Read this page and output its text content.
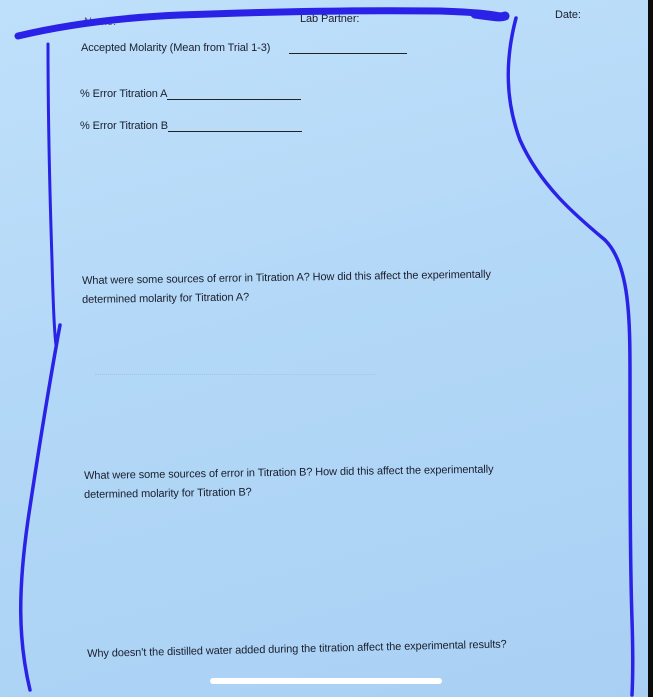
Name:	Lab Partner:	Date:
Accepted Molarity (Mean from Trial 1-3)
% Error Titration A
% Error Titration B
What were some sources of error in Titration A? How did this affect the experimentally
determined molarity for Titration A?
What were some sources of error in Titration B? How did this affect the experimentally
determined molarity for Titration B?
Why doesn't the distilled water added during the titration affect the experimental results?
